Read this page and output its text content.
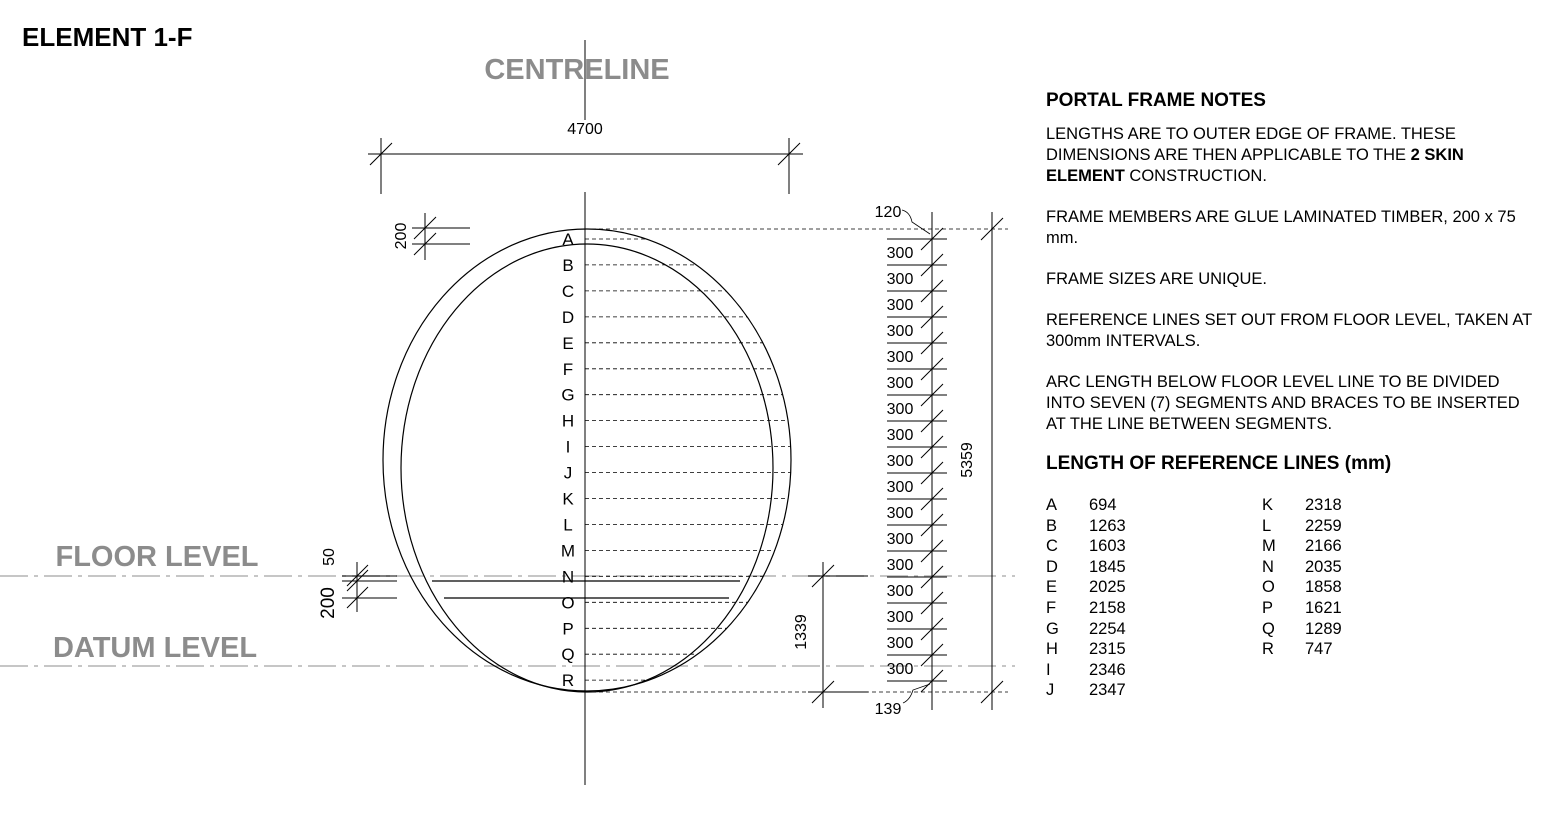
ELEMENT 1-F
CENTRELINE
FLOOR LEVEL
DATUM LEVEL
4700
A
B
C
D
E
F
G
H
I
J
K
L
M
N
O
P
Q
R
200
50
200
1339
300
300
300
300
300
300
300
300
300
300
300
300
300
300
300
300
300
120
139
5359
PORTAL FRAME NOTES

LENGTHS ARE TO OUTER EDGE OF FRAME. THESE DIMENSIONS ARE THEN APPLICABLE TO THE 2 SKIN ELEMENT CONSTRUCTION.

FRAME MEMBERS ARE GLUE LAMINATED TIMBER, 200 x 75 mm.

FRAME SIZES ARE UNIQUE.

REFERENCE LINES SET OUT FROM FLOOR LEVEL, TAKEN AT 300mm INTERVALS.

ARC LENGTH BELOW FLOOR LEVEL LINE TO BE DIVIDED INTO SEVEN (7) SEGMENTS AND BRACES TO BE INSERTED AT THE LINE BETWEEN SEGMENTS.

LENGTH OF REFERENCE LINES (mm)
A 694
B 1263
C 1603
D 1845
E 2025
F 2158
G 2254
H 2315
I 2346
J 2347
K 2318
L 2259
M 2166
N 2035
O 1858
P 1621
Q 1289
R 747
